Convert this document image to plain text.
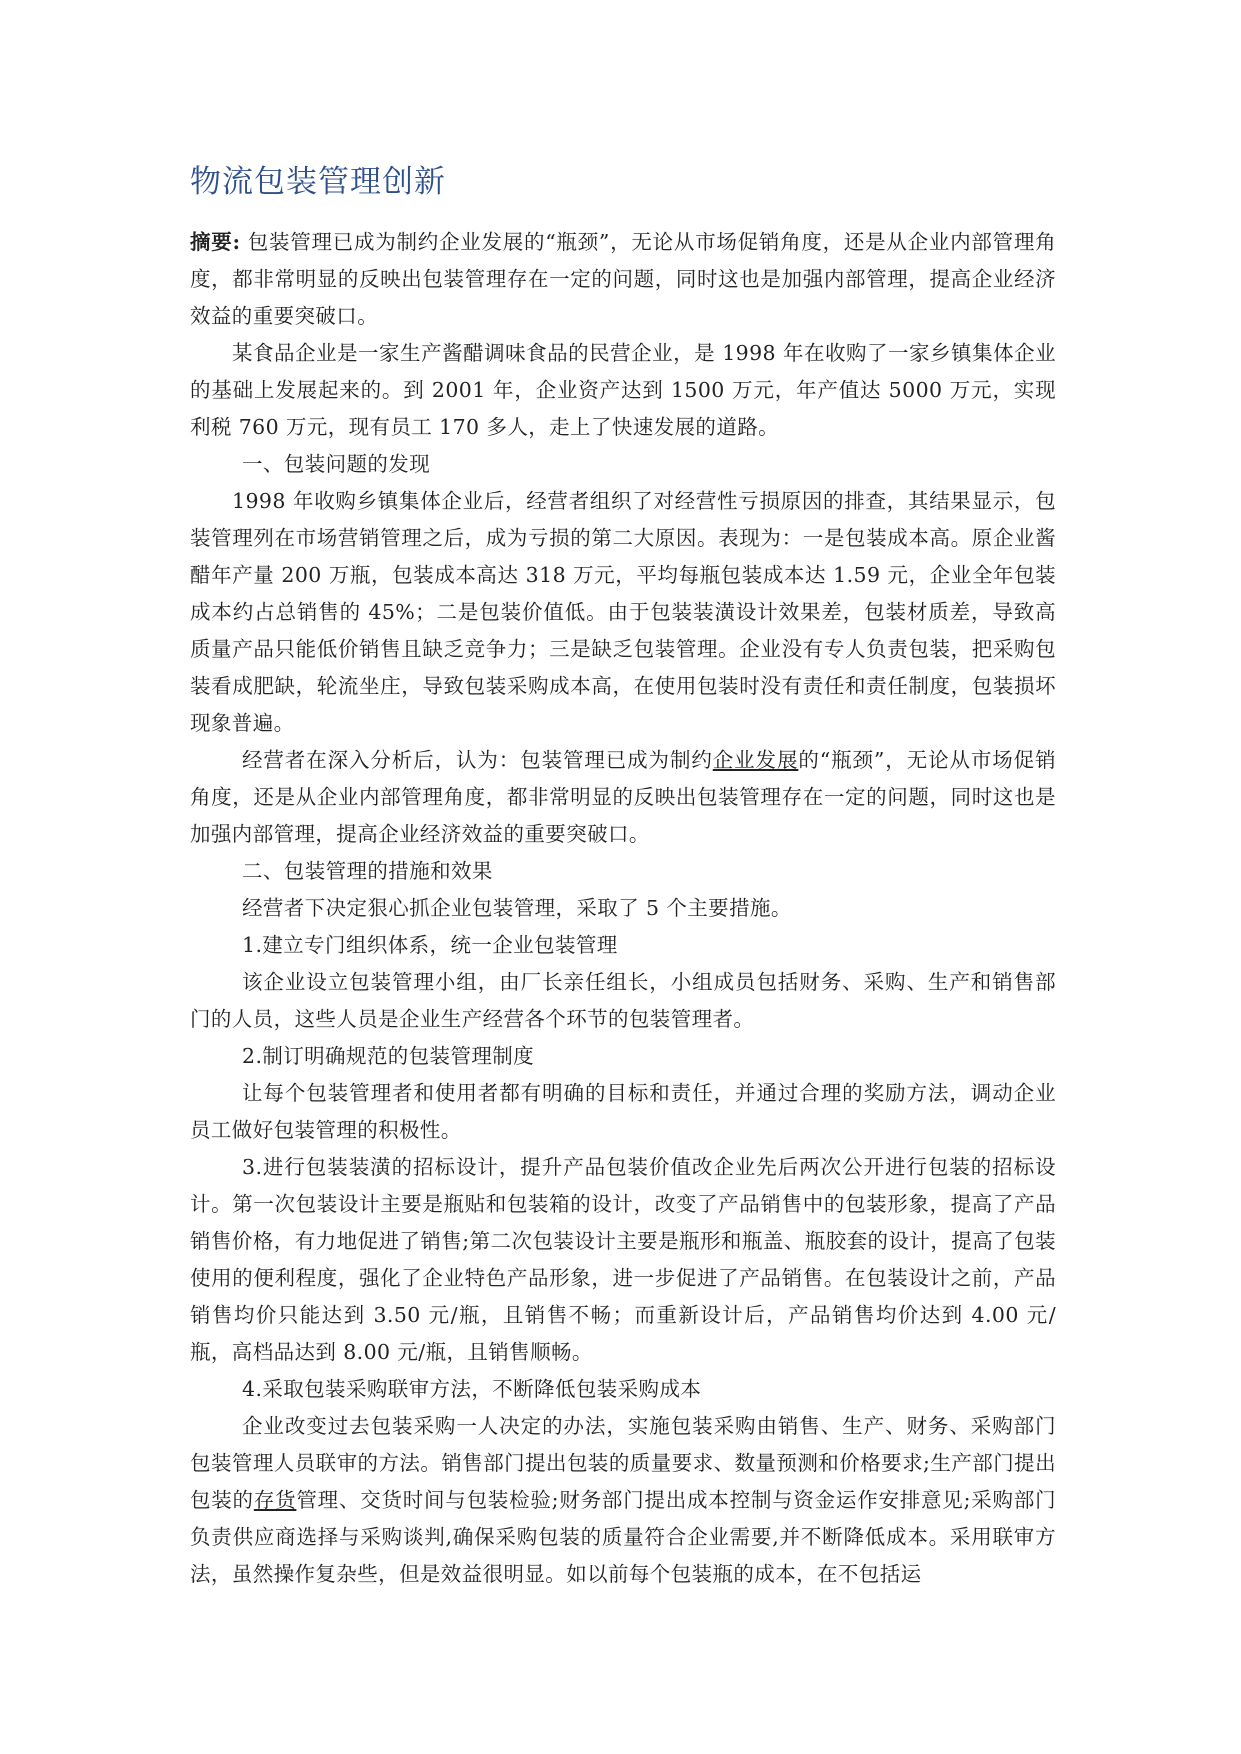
物流包装管理创新
摘要: 包装管理已成为制约企业发展的“瓶颈”，无论从市场促销角度，还是从企业内部管理角度，都非常明显的反映出包装管理存在一定的问题，同时这也是加强内部管理，提高企业经济效益的重要突破口。
某食品企业是一家生产酱醋调味食品的民营企业，是 1998 年在收购了一家乡镇集体企业的基础上发展起来的。到 2001 年，企业资产达到 1500 万元，年产值达 5000 万元，实现利税 760 万元，现有员工 170 多人，走上了快速发展的道路。
一、包装问题的发现
1998 年收购乡镇集体企业后，经营者组织了对经营性亏损原因的排查，其结果显示，包装管理列在市场营销管理之后，成为亏损的第二大原因。表现为：一是包装成本高。原企业酱醋年产量 200 万瓶，包装成本高达 318 万元，平均每瓶包装成本达 1.59 元，企业全年包装成本约占总销售的 45%；二是包装价值低。由于包装装潢设计效果差，包装材质差，导致高质量产品只能低价销售且缺乏竞争力；三是缺乏包装管理。企业没有专人负责包装，把采购包装看成肥缺，轮流坐庄，导致包装采购成本高，在使用包装时没有责任和责任制度，包装损坏现象普遍。
经营者在深入分析后，认为：包装管理已成为制约企业发展的“瓶颈”，无论从市场促销角度，还是从企业内部管理角度，都非常明显的反映出包装管理存在一定的问题，同时这也是加强内部管理，提高企业经济效益的重要突破口。
二、包装管理的措施和效果
经营者下决定狠心抓企业包装管理，采取了 5 个主要措施。
1.建立专门组织体系，统一企业包装管理
该企业设立包装管理小组，由厂长亲任组长，小组成员包括财务、采购、生产和销售部门的人员，这些人员是企业生产经营各个环节的包装管理者。
2.制订明确规范的包装管理制度
让每个包装管理者和使用者都有明确的目标和责任，并通过合理的奖励方法，调动企业员工做好包装管理的积极性。
3.进行包装装潢的招标设计，提升产品包装价值改企业先后两次公开进行包装的招标设计。第一次包装设计主要是瓶贴和包装箱的设计，改变了产品销售中的包装形象，提高了产品销售价格，有力地促进了销售;第二次包装设计主要是瓶形和瓶盖、瓶胶套的设计，提高了包装使用的便利程度，强化了企业特色产品形象，进一步促进了产品销售。在包装设计之前，产品销售均价只能达到 3.50 元/瓶，且销售不畅；而重新设计后，产品销售均价达到 4.00 元/瓶，高档品达到 8.00 元/瓶，且销售顺畅。
4.采取包装采购联审方法，不断降低包装采购成本
企业改变过去包装采购一人决定的办法，实施包装采购由销售、生产、财务、采购部门包装管理人员联审的方法。销售部门提出包装的质量要求、数量预测和价格要求;生产部门提出包装的存货管理、交货时间与包装检验;财务部门提出成本控制与资金运作安排意见;采购部门负责供应商选择与采购谈判,确保采购包装的质量符合企业需要,并不断降低成本。采用联审方法，虽然操作复杂些，但是效益很明显。如以前每个包装瓶的成本，在不包括运
